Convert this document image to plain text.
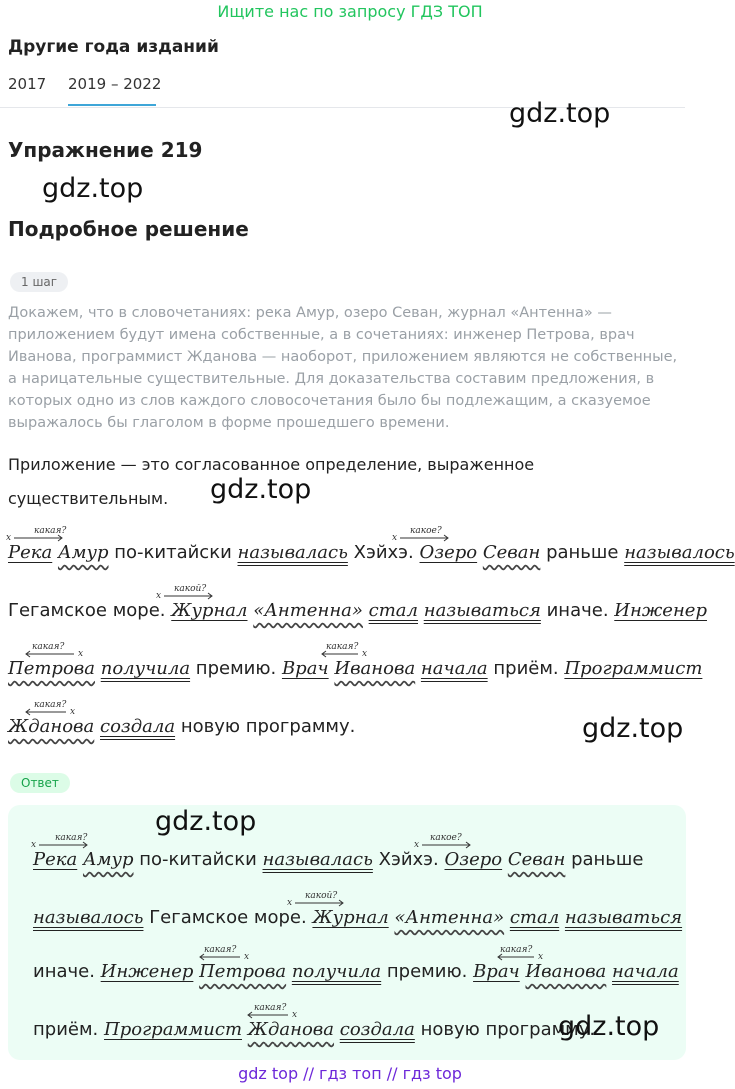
Ищите нас по запросу ГДЗ ТОП
Другие года изданий
2017 2019 – 2022
gdz.top
Упражнение 219
gdz.top
Подробное решение
1 шаг
Докажем, что в словочетаниях: река Амур, озеро Севан, журнал «Антенна» — приложением будут имена собственные, а в сочетаниях: инженер Петрова, врач Иванова, программист Жданова — наоборот, приложением являются не собственные, а нарицательные существительные. Для доказательства составим предложения, в которых одно из слов каждого словосочетания было бы подлежащим, а сказуемое выражалось бы глаголом в форме прошедшего времени.
Приложение — это согласованное определение, выраженное существительным.	gdz.top
Река Амур по-китайски называлась Хэйхэ. Озеро Севан раньше называлось
x
какая?
x
какое?
Гегамское море. Журнал «Антенна» стал называться иначе. Инженер
x
какой?
Петрова получила премию. Врач Иванова начала приём. Программист
x
какая?
x
какая?
Жданова создала новую программу.
x
какая?
gdz.top
Ответ
gdz.top
Река Амур по-китайски называлась Хэйхэ. Озеро Севан раньше
x
какая?
x
какое?
называлось Гегамское море. Журнал «Антенна» стал называться
x
какой?
иначе. Инженер Петрова получила премию. Врач Иванова начала
x
какая?
x
какая?
приём. Программист Жданова создала новую программу.
x
какая?
gdz.top
gdz top // гдз топ // гдз top
